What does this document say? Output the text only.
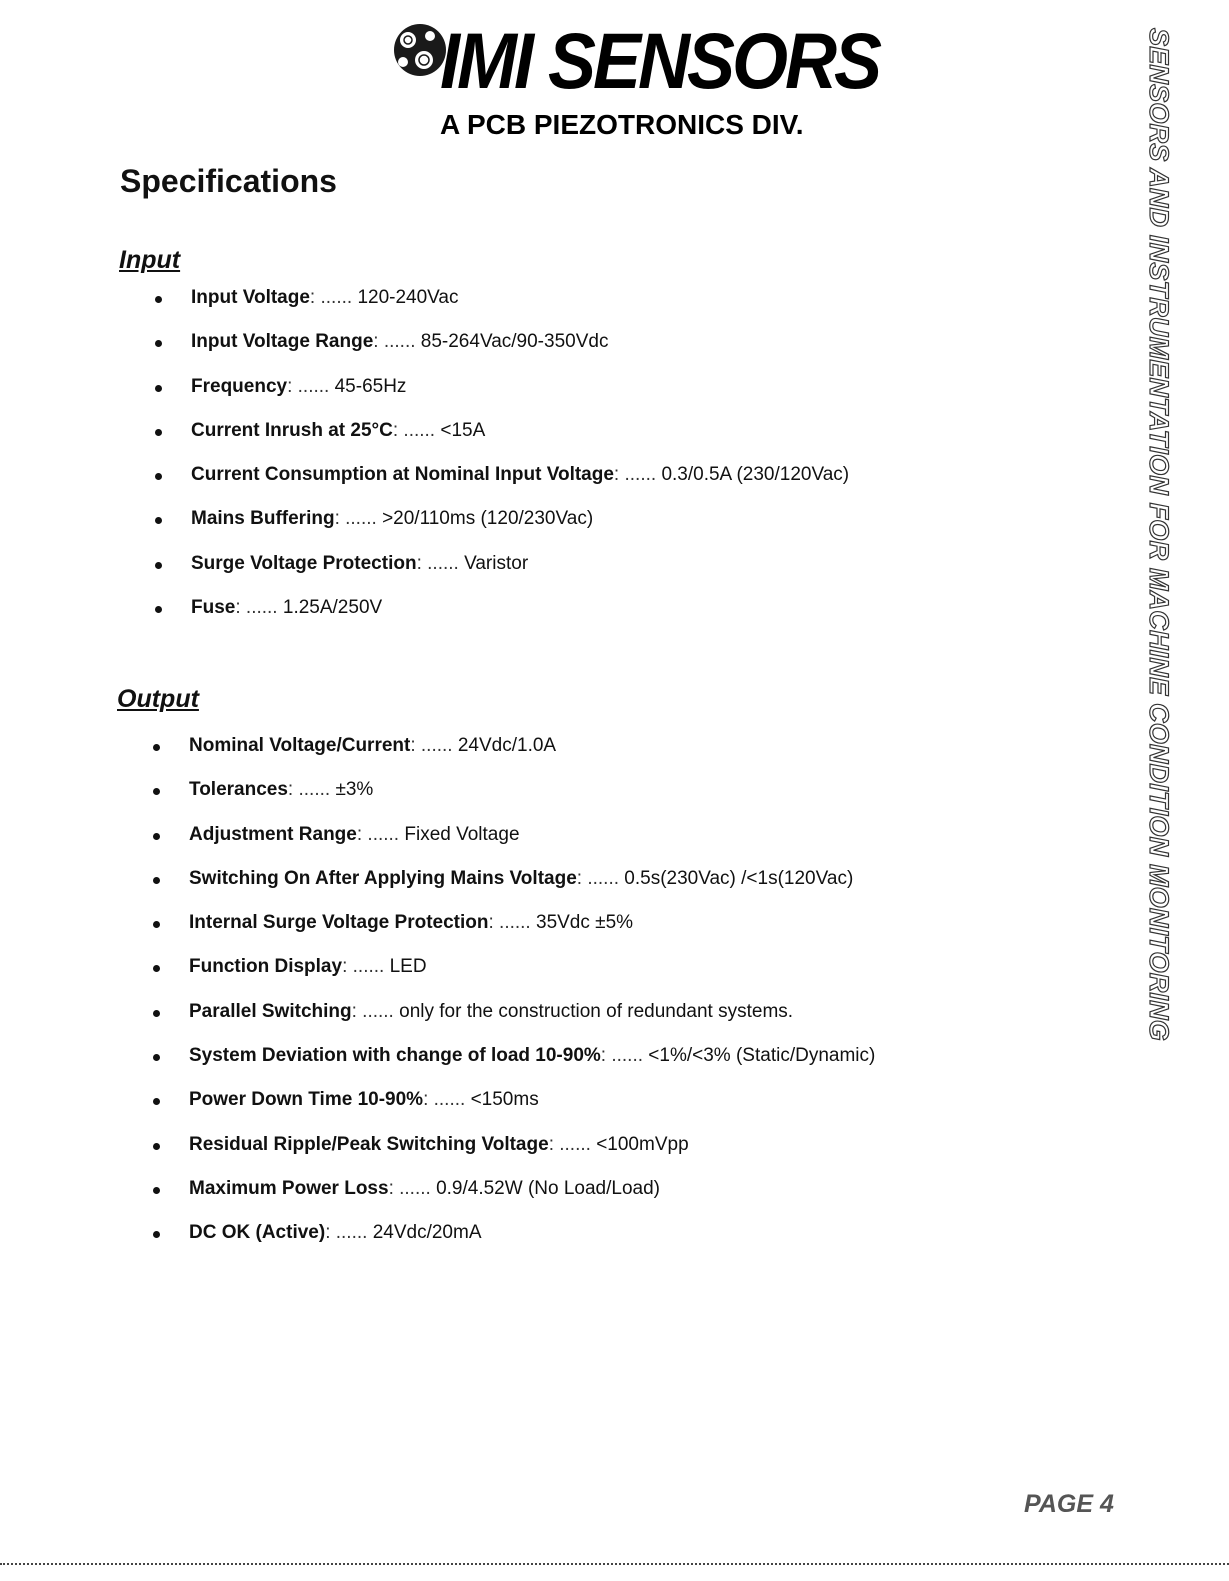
IMI SENSORS
A PCB PIEZOTRONICS DIV.
Specifications
Input
Input Voltage: ...... 120-240Vac
Input Voltage Range: ...... 85-264Vac/90-350Vdc
Frequency: ...... 45-65Hz
Current Inrush at 25°C: ...... <15A
Current Consumption at Nominal Input Voltage: ...... 0.3/0.5A (230/120Vac)
Mains Buffering: ...... >20/110ms (120/230Vac)
Surge Voltage Protection: ...... Varistor
Fuse: ...... 1.25A/250V
Output
Nominal Voltage/Current: ...... 24Vdc/1.0A
Tolerances: ...... ±3%
Adjustment Range: ...... Fixed Voltage
Switching On After Applying Mains Voltage: ...... 0.5s(230Vac) /<1s(120Vac)
Internal Surge Voltage Protection: ...... 35Vdc ±5%
Function Display: ...... LED
Parallel Switching: ...... only for the construction of redundant systems.
System Deviation with change of load 10-90%: ...... <1%/<3% (Static/Dynamic)
Power Down Time 10-90%: ...... <150ms
Residual Ripple/Peak Switching Voltage: ...... <100mVpp
Maximum Power Loss: ...... 0.9/4.52W (No Load/Load)
DC OK (Active): ...... 24Vdc/20mA
SENSORS AND INSTRUMENTATION FOR MACHINE CONDITION MONITORING
PAGE 4
